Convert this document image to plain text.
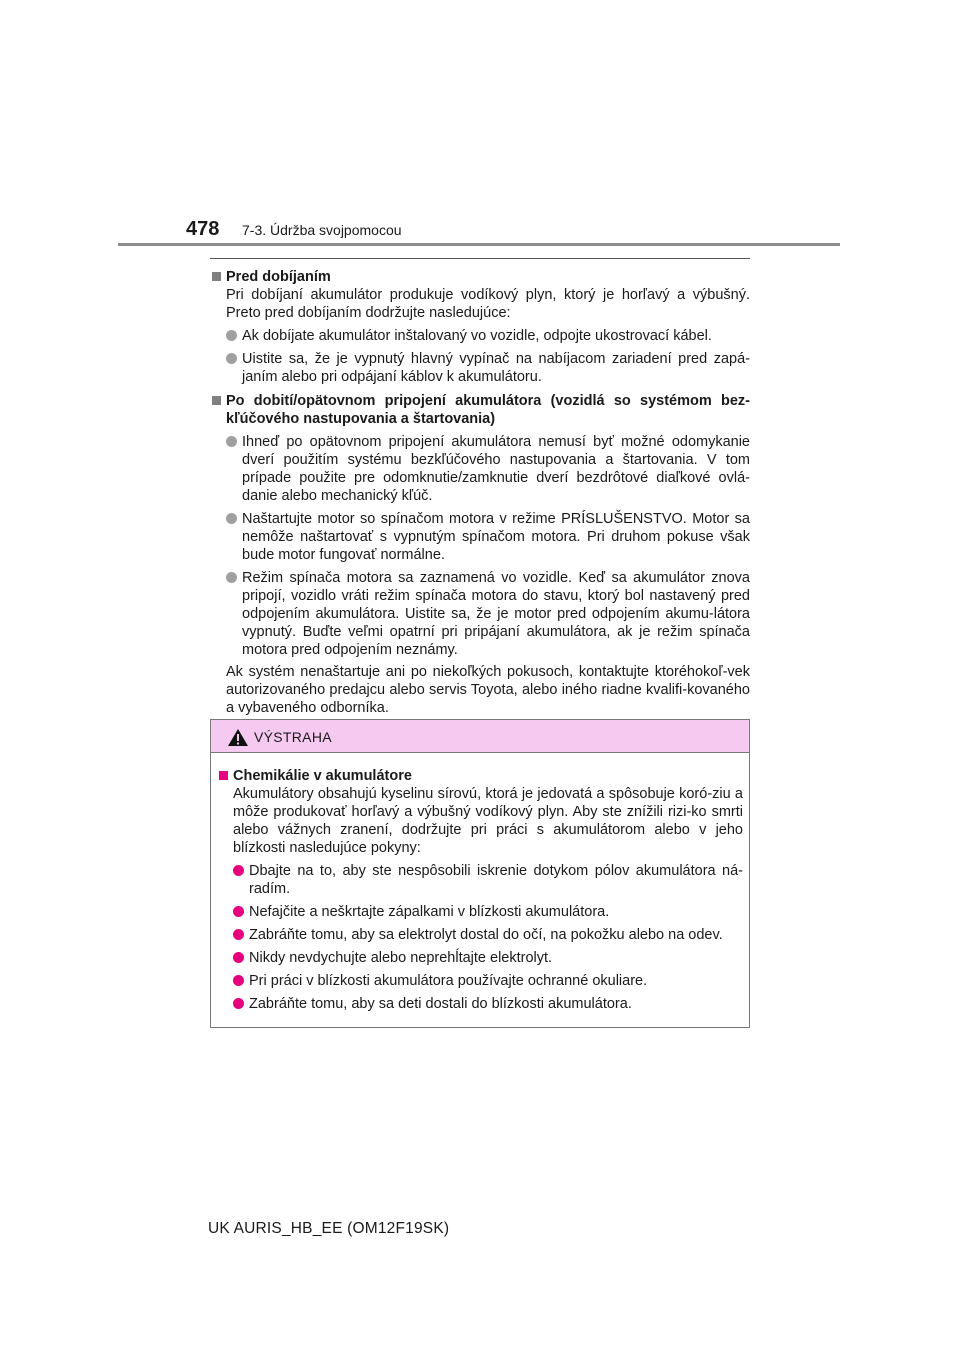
478 7-3. Údržba svojpomocou
Pred dobíjaním
Pri dobíjaní akumulátor produkuje vodíkový plyn, ktorý je horľavý a výbušný. Preto pred dobíjaním dodržujte nasledujúce:
Ak dobíjate akumulátor inštalovaný vo vozidle, odpojte ukostrovací kábel.
Uistite sa, že je vypnutý hlavný vypínač na nabíjacom zariadení pred zapá-janím alebo pri odpájaní káblov k akumulátoru.
Po dobití/opätovnom pripojení akumulátora (vozidlá so systémom bez-kľúčového nastupovania a štartovania)
Ihneď po opätovnom pripojení akumulátora nemusí byť možné odomykanie dverí použitím systému bezkľúčového nastupovania a štartovania. V tom prípade použite pre odomknutie/zamknutie dverí bezdrôtové diaľkové ovlá-danie alebo mechanický kľúč.
Naštartujte motor so spínačom motora v režime PRÍSLUŠENSTVO. Motor sa nemôže naštartovať s vypnutým spínačom motora. Pri druhom pokuse však bude motor fungovať normálne.
Režim spínača motora sa zaznamená vo vozidle. Keď sa akumulátor znova pripojí, vozidlo vráti režim spínača motora do stavu, ktorý bol nastavený pred odpojením akumulátora. Uistite sa, že je motor pred odpojením akumu-látora vypnutý. Buďte veľmi opatrní pri pripájaní akumulátora, ak je režim spínača motora pred odpojením neznámy.
Ak systém nenaštartuje ani po niekoľkých pokusoch, kontaktujte ktoréhokoľ-vek autorizovaného predajcu alebo servis Toyota, alebo iného riadne kvalifi-kovaného a vybaveného odborníka.
VÝSTRAHA
Chemikálie v akumulátore
Akumulátory obsahujú kyselinu sírovú, ktorá je jedovatá a spôsobuje koró-ziu a môže produkovať horľavý a výbušný vodíkový plyn. Aby ste znížili rizi-ko smrti alebo vážnych zranení, dodržujte pri práci s akumulátorom alebo v jeho blízkosti nasledujúce pokyny:
Dbajte na to, aby ste nespôsobili iskrenie dotykom pólov akumulátora ná-radím.
Nefajčite a neškrtajte zápalkami v blízkosti akumulátora.
Zabráňte tomu, aby sa elektrolyt dostal do očí, na pokožku alebo na odev.
Nikdy nevdychujte alebo neprehĺtajte elektrolyt.
Pri práci v blízkosti akumulátora používajte ochranné okuliare.
Zabráňte tomu, aby sa deti dostali do blízkosti akumulátora.
UK AURIS_HB_EE (OM12F19SK)
